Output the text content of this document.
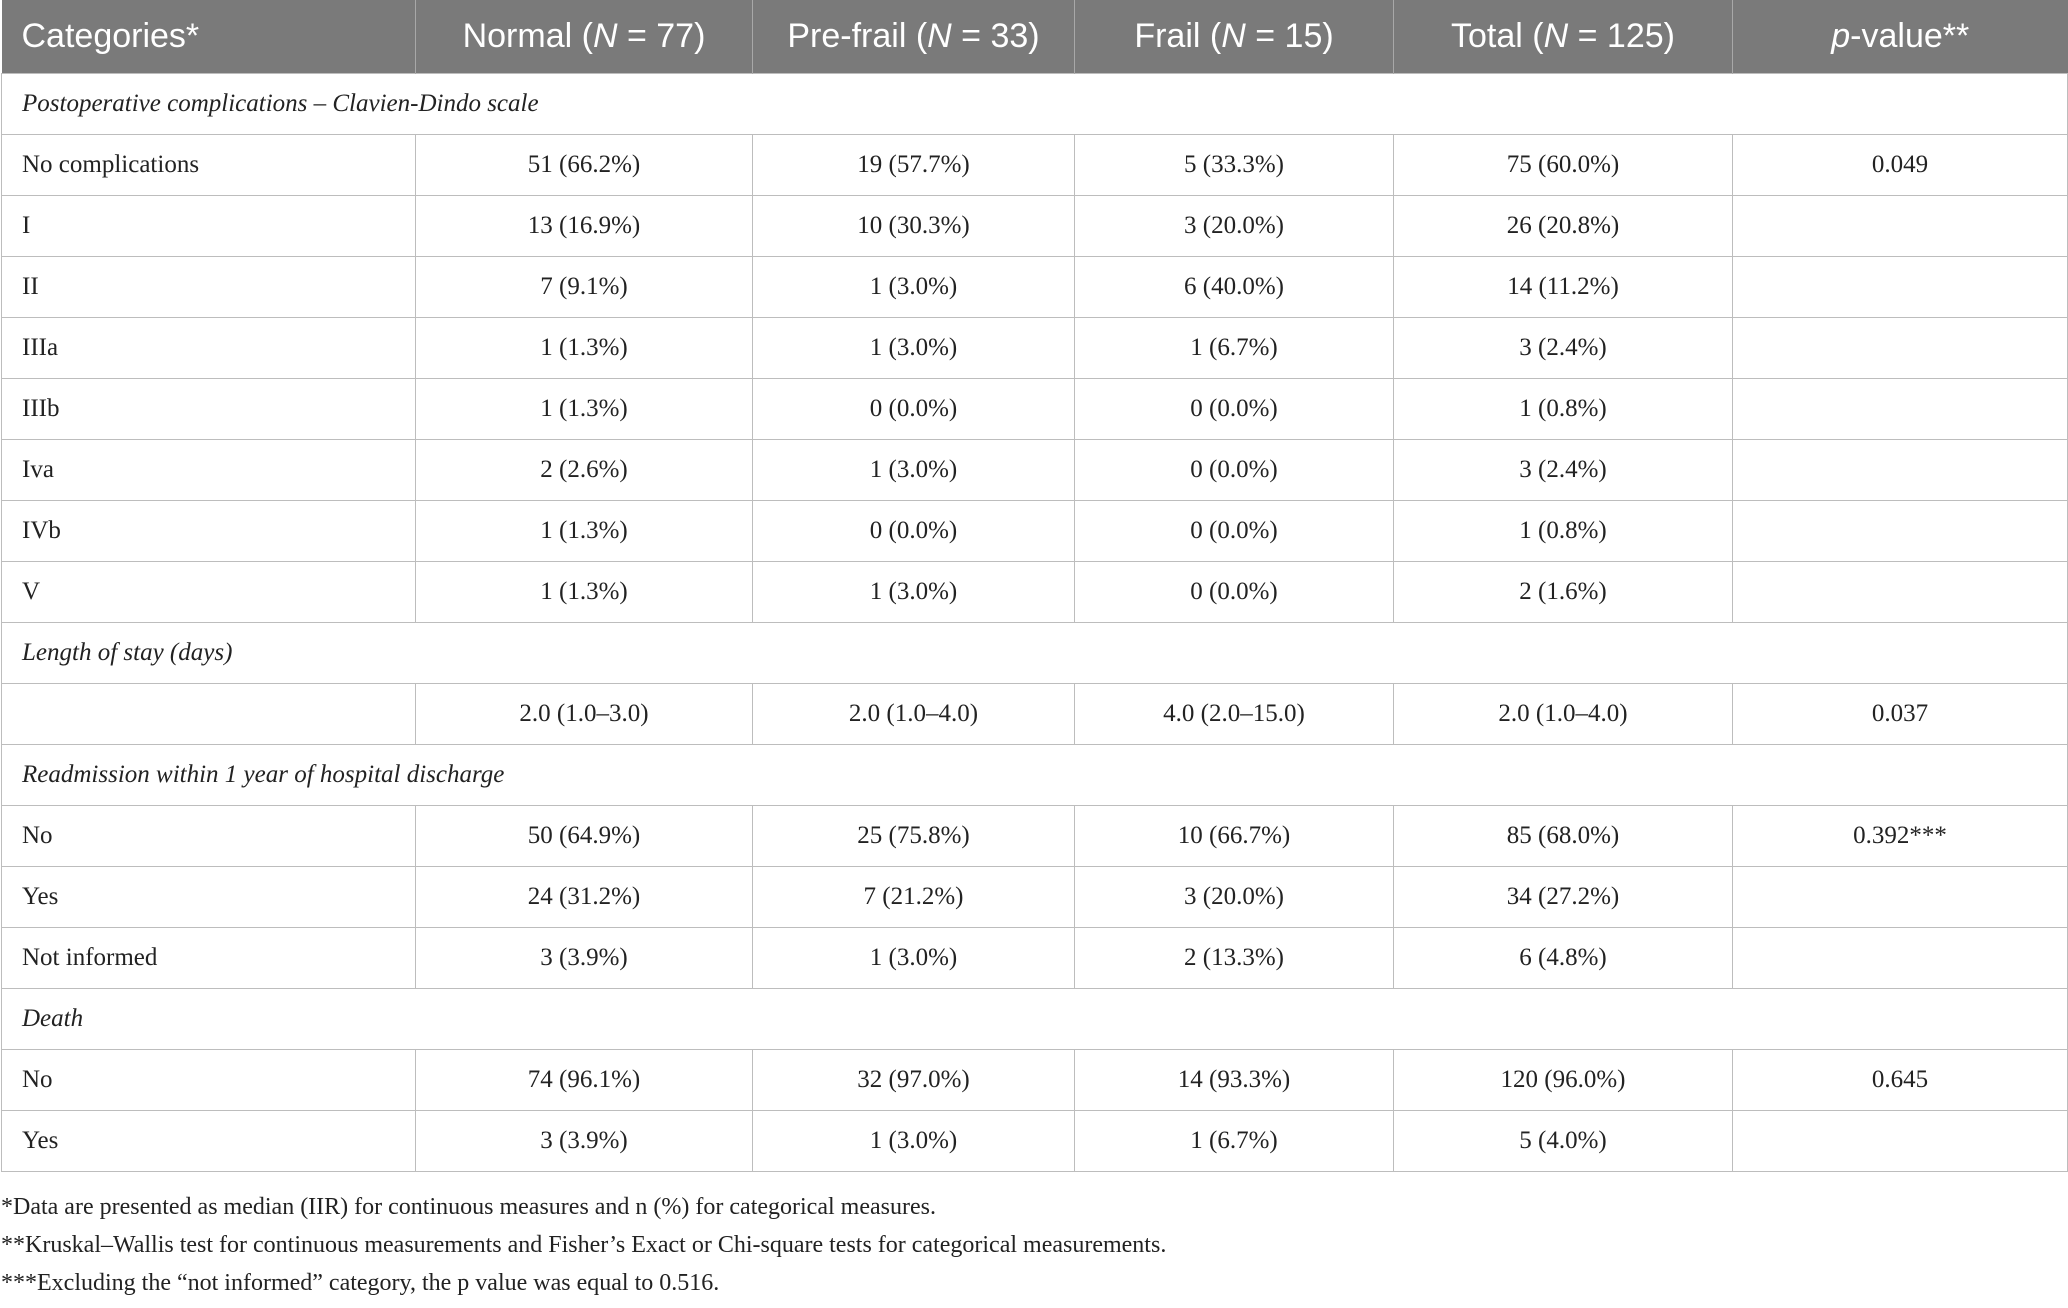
Categories*	Normal (N = 77)	Pre-frail (N = 33)	Frail (N = 15)	Total (N = 125)	p-value**
Postoperative complications – Clavien-Dindo scale					
No complications	51 (66.2%)	19 (57.7%)	5 (33.3%)	75 (60.0%)	0.049
I	13 (16.9%)	10 (30.3%)	3 (20.0%)	26 (20.8%)	
II	7 (9.1%)	1 (3.0%)	6 (40.0%)	14 (11.2%)	
IIIa	1 (1.3%)	1 (3.0%)	1 (6.7%)	3 (2.4%)	
IIIb	1 (1.3%)	0 (0.0%)	0 (0.0%)	1 (0.8%)	
Iva	2 (2.6%)	1 (3.0%)	0 (0.0%)	3 (2.4%)	
IVb	1 (1.3%)	0 (0.0%)	0 (0.0%)	1 (0.8%)	
V	1 (1.3%)	1 (3.0%)	0 (0.0%)	2 (1.6%)	
Length of stay (days)					
	2.0 (1.0–3.0)	2.0 (1.0–4.0)	4.0 (2.0–15.0)	2.0 (1.0–4.0)	0.037
Readmission within 1 year of hospital discharge					
No	50 (64.9%)	25 (75.8%)	10 (66.7%)	85 (68.0%)	0.392***
Yes	24 (31.2%)	7 (21.2%)	3 (20.0%)	34 (27.2%)	
Not informed	3 (3.9%)	1 (3.0%)	2 (13.3%)	6 (4.8%)	
Death					
No	74 (96.1%)	32 (97.0%)	14 (93.3%)	120 (96.0%)	0.645
Yes	3 (3.9%)	1 (3.0%)	1 (6.7%)	5 (4.0%)	
*Data are presented as median (IIR) for continuous measures and n (%) for categorical measures.
**Kruskal–Wallis test for continuous measurements and Fisher’s Exact or Chi-square tests for categorical measurements.
***Excluding the “not informed” category, the p value was equal to 0.516.
